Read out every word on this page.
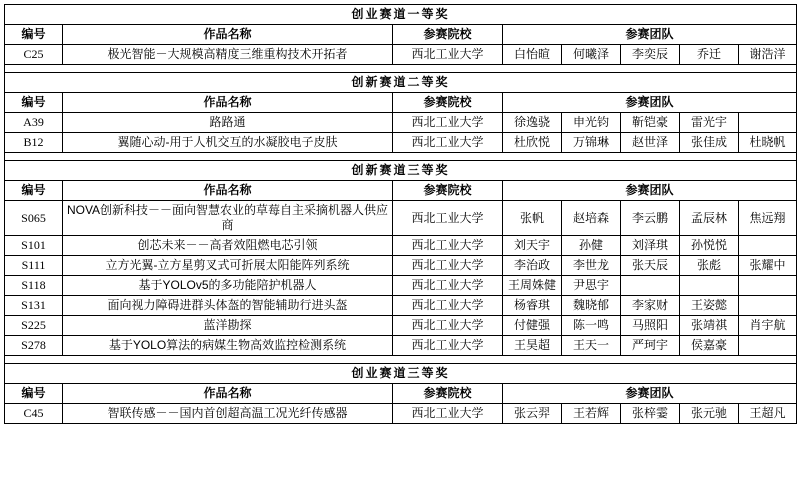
创业赛道一等奖							
编号	作品名称	参赛院校	参赛团队				
C25	极光智能－大规模高精度三维重构技术开拓者	西北工业大学	白怡暄	何曦泽	李奕辰	乔迁	谢浩洋

创新赛道二等奖							
编号	作品名称	参赛院校	参赛团队				
A39	路路通	西北工业大学	徐逸骁	申光钧	靳铠豪	雷光宇	
B12	翼随心动-用于人机交互的水凝胶电子皮肤	西北工业大学	杜欣悦	万锦琳	赵世泽	张佳成	杜晓帆

创新赛道三等奖							
编号	作品名称	参赛院校	参赛团队				
S065	NOVA创新科技－－面向智慧农业的草莓自主采摘机器人供应商	西北工业大学	张帆	赵培森	李云鹏	孟辰林	焦远翔
S101	创芯未来－－高者效阻燃电芯引领	西北工业大学	刘天宇	孙健	刘泽琪	孙悦悦	
S111	立方光翼-立方星剪叉式可折展太阳能阵列系统	西北工业大学	李治政	李世龙	张天辰	张彪	张耀中
S118	基于YOLOv5的多功能陪护机器人	西北工业大学	王周姝健	尹思宇			
S131	面向视力障碍进群头体盔的智能辅助行进头盔	西北工业大学	杨睿琪	魏晓郁	李家财	王姿懿	
S225	蓝洋勘探	西北工业大学	付健强	陈一鸣	马照阳	张靖祺	肖宇航
S278	基于YOLO算法的病媒生物高效监控检测系统	西北工业大学	王昊超	王天一	严珂宇	侯嘉豪	

创业赛道三等奖							
编号	作品名称	参赛院校	参赛团队				
C45	智联传感－－国内首创超高温工况光纤传感器	西北工业大学	张云羿	王若辉	张梓霎	张元驰	王超凡
